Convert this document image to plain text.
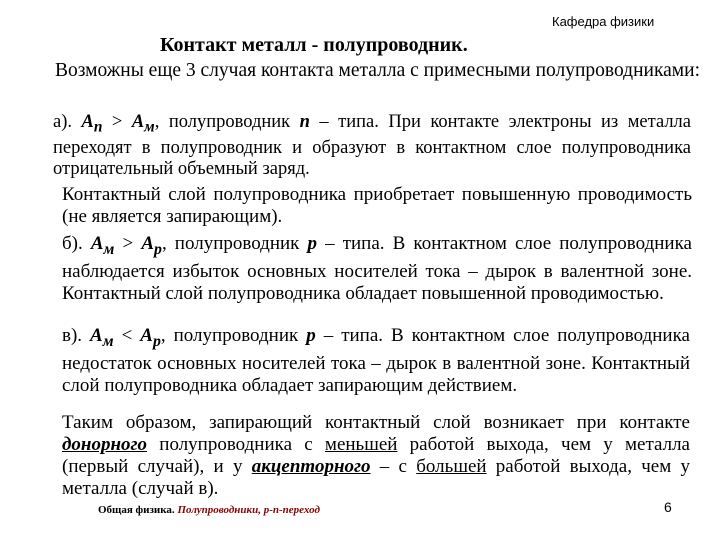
Кафедра физики
Контакт металл - полупроводник.
Возможны еще 3 случая контакта металла с примесными полупроводниками:
а). $A_n > A_м$, полупроводник n – типа. При контакте электроны из металла переходят в полупроводник и образуют в контактном слое полупроводника отрицательный объемный заряд.
Контактный слой полупроводника приобретает повышенную проводимость (не является запирающим).
б). $A_м > A_p$, полупроводник p – типа. В контактном слое полупроводника наблюдается избыток основных носителей тока – дырок в валентной зоне. Контактный слой полупроводника обладает повышенной проводимостью.
в). $A_м < A_p$, полупроводник p – типа. В контактном слое полупроводника недостаток основных носителей тока – дырок в валентной зоне. Контактный слой полупроводника обладает запирающим действием.
Таким образом, запирающий контактный слой возникает при контакте донорного полупроводника с меньшей работой выхода, чем у металла (первый случай), и у акцепторного – с большей работой выхода, чем у металла (случай в).
Общая физика. Полупроводники, p-n-переход	6
